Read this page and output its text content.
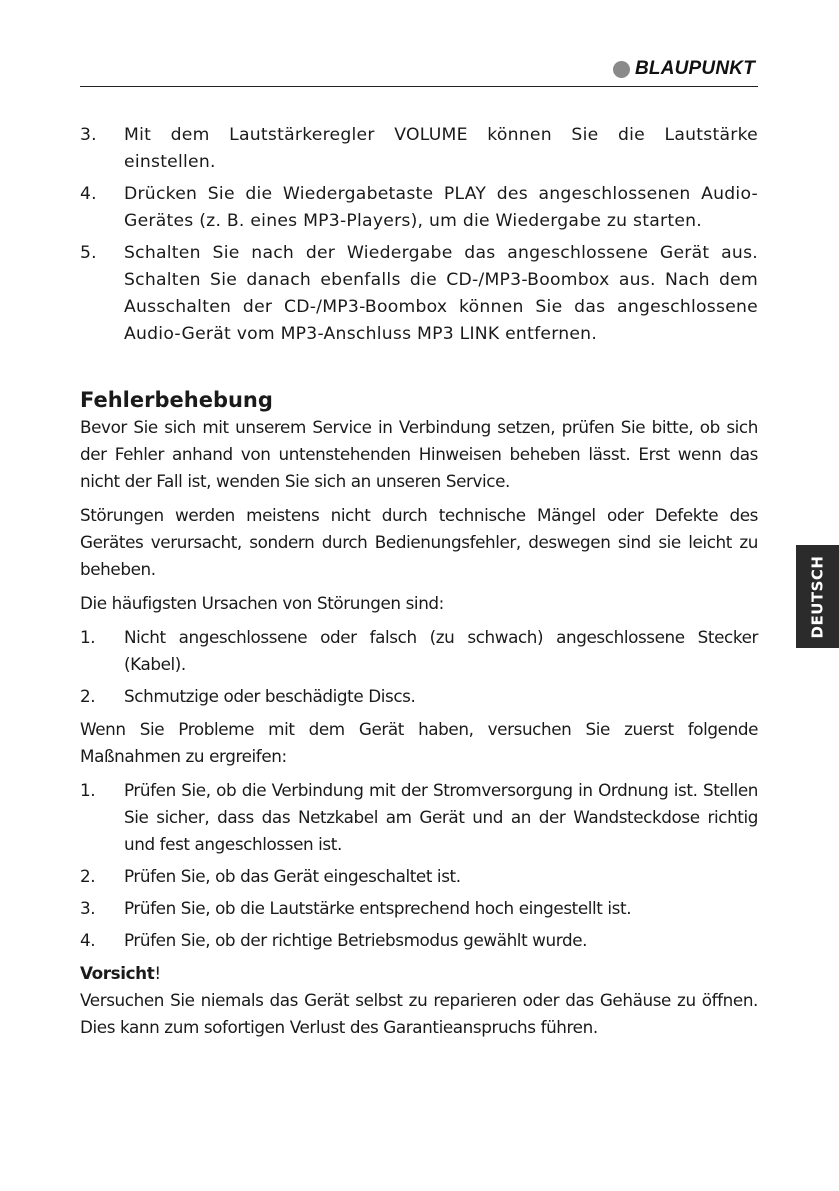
BLAUPUNKT
3.	Mit dem Lautstärkeregler VOLUME können Sie die Lautstärke einstellen.
4.	Drücken Sie die Wiedergabetaste PLAY des angeschlossenen Audio-Gerätes (z. B. eines MP3-Players), um die Wiedergabe zu starten.
5.	Schalten Sie nach der Wiedergabe das angeschlossene Gerät aus. Schalten Sie danach ebenfalls die CD-/MP3-Boombox aus. Nach dem Ausschalten der CD-/MP3-Boombox können Sie das angeschlossene Audio-Gerät vom MP3-Anschluss MP3 LINK entfernen.
Fehlerbehebung

Bevor Sie sich mit unserem Service in Verbindung setzen, prüfen Sie bitte, ob sich der Fehler anhand von untenstehenden Hinweisen beheben lässt. Erst wenn das nicht der Fall ist, wenden Sie sich an unseren Service.

Störungen werden meistens nicht durch technische Mängel oder Defekte des Gerätes verursacht, sondern durch Bedienungsfehler, deswegen sind sie leicht zu beheben.

Die häufigsten Ursachen von Störungen sind:

1.	Nicht angeschlossene oder falsch (zu schwach) angeschlossene Stecker (Kabel).
2.	Schmutzige oder beschädigte Discs.

Wenn Sie Probleme mit dem Gerät haben, versuchen Sie zuerst folgende Maßnahmen zu ergreifen:

1.	Prüfen Sie, ob die Verbindung mit der Stromversorgung in Ordnung ist. Stellen Sie sicher, dass das Netzkabel am Gerät und an der Wandsteckdose richtig und fest angeschlossen ist.
2.	Prüfen Sie, ob das Gerät eingeschaltet ist.
3.	Prüfen Sie, ob die Lautstärke entsprechend hoch eingestellt ist.
4.	Prüfen Sie, ob der richtige Betriebsmodus gewählt wurde.

Vorsicht!

Versuchen Sie niemals das Gerät selbst zu reparieren oder das Gehäuse zu öffnen. Dies kann zum sofortigen Verlust des Garantieanspruchs führen.

DEUTSCH
